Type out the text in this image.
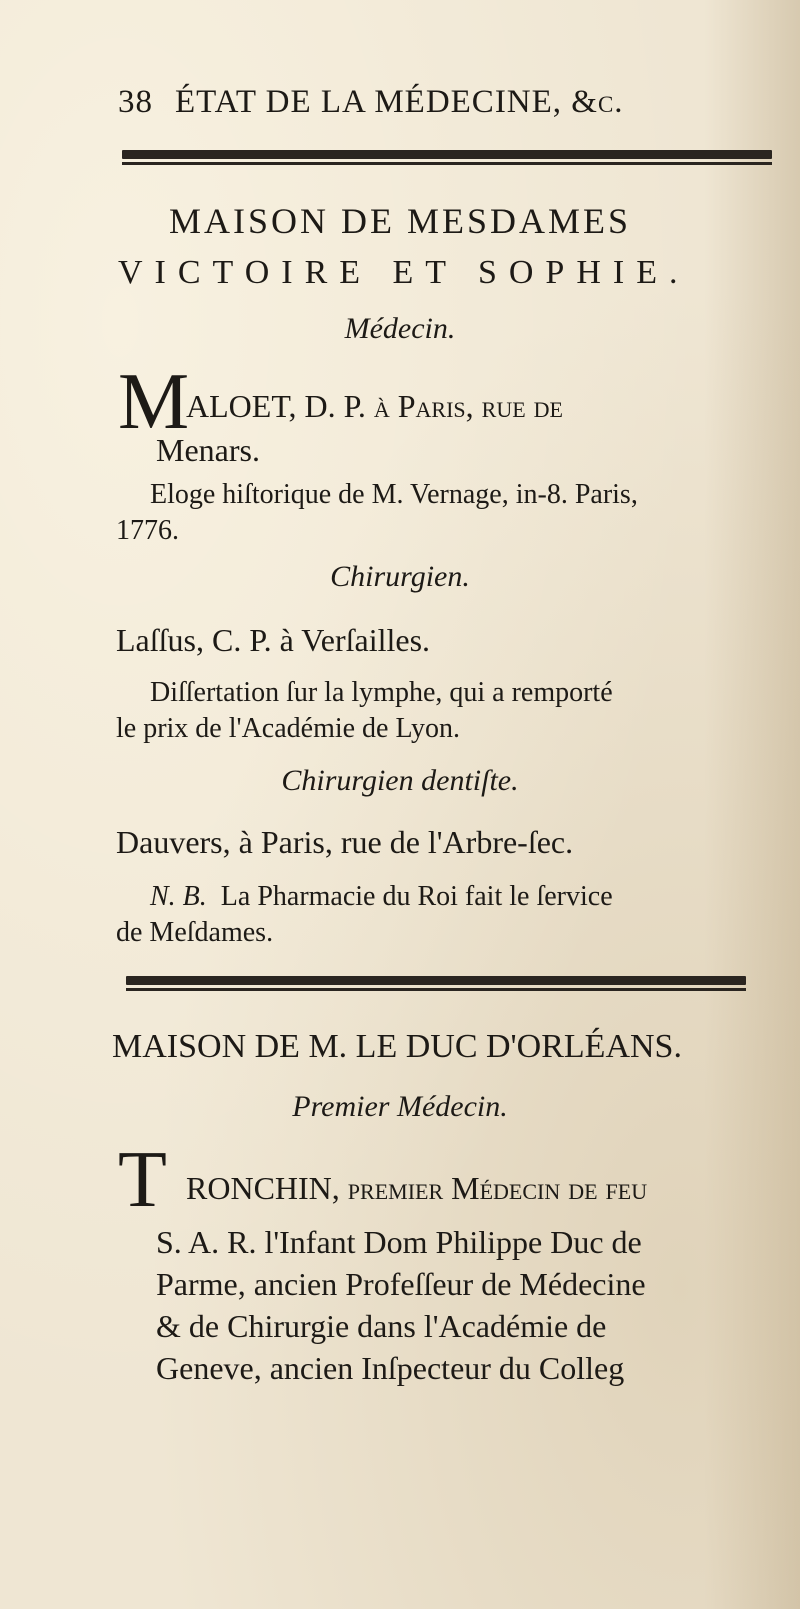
38 ÉTAT DE LA MÉDECINE, &c.
MAISON DE MESDAMES
VICTOIRE ET SOPHIE.
Médecin.
M
ALOET, D. P. à Paris, rue de
Menars.
Eloge hiſtorique de M. Vernage, in-8. Paris,
1776.
Chirurgien.
Laſſus, C. P. à Verſailles.
Diſſertation ſur la lymphe, qui a remporté
le prix de l'Académie de Lyon.
Chirurgien dentiſte.
Dauvers, à Paris, rue de l'Arbre-ſec.
N. B. La Pharmacie du Roi fait le ſervice
de Meſdames.
MAISON DE M. LE DUC D'ORLÉANS.
Premier Médecin.
T RONCHIN, premier Médecin de feu
S. A. R. l'Infant Dom Philippe Duc de
Parme, ancien Profeſſeur de Médecine
& de Chirurgie dans l'Académie de
Geneve, ancien Inſpecteur du Colleg
